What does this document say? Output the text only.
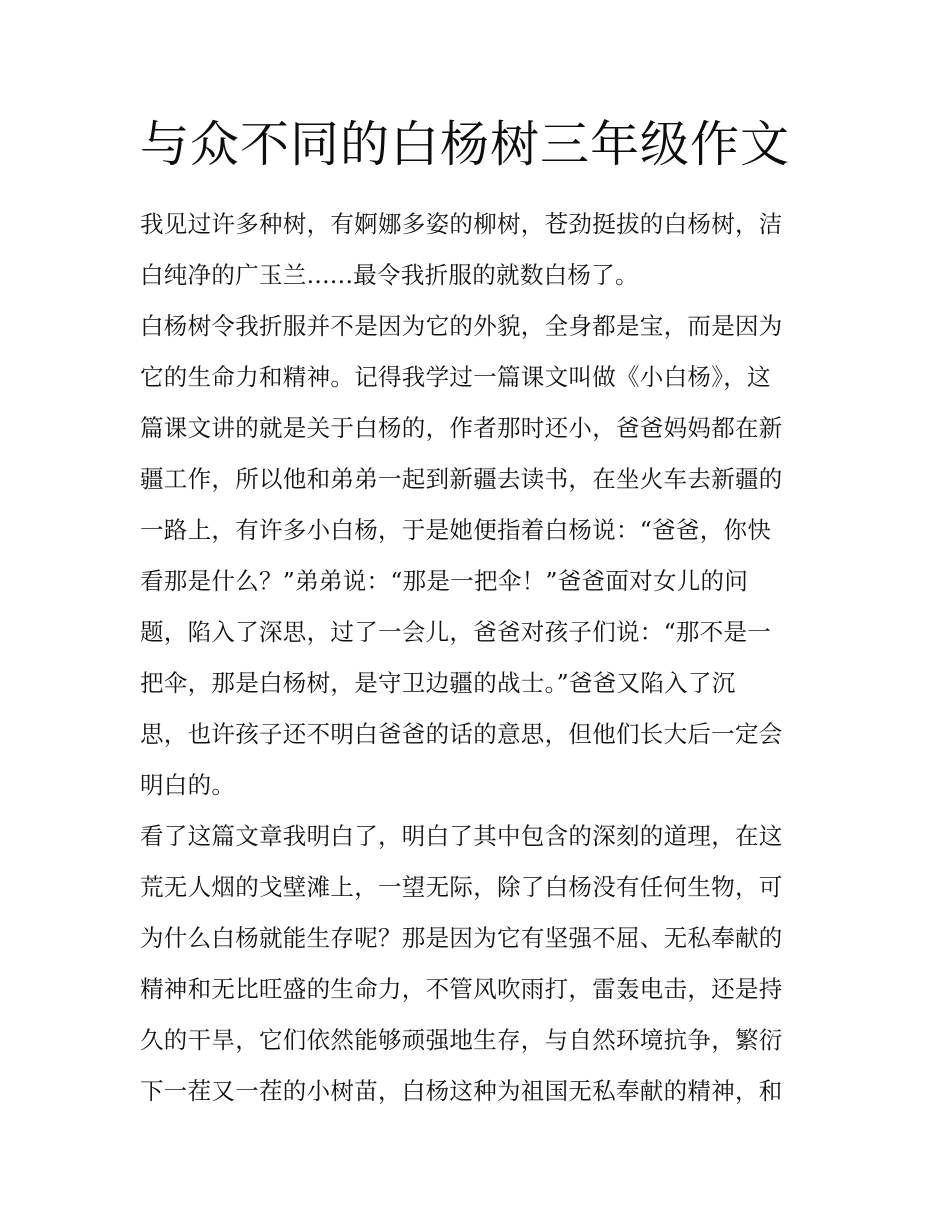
与众不同的白杨树三年级作文
我见过许多种树，有婀娜多姿的柳树，苍劲挺拔的白杨树，洁
白纯净的广玉兰......最令我折服的就数白杨了。
白杨树令我折服并不是因为它的外貌，全身都是宝，而是因为
它的生命力和精神。记得我学过一篇课文叫做《小白杨》，这
篇课文讲的就是关于白杨的，作者那时还小，爸爸妈妈都在新
疆工作，所以他和弟弟一起到新疆去读书，在坐火车去新疆的
一路上，有许多小白杨，于是她便指着白杨说：“爸爸，你快
看那是什么？”弟弟说：“那是一把伞！”爸爸面对女儿的问
题，陷入了深思，过了一会儿，爸爸对孩子们说：“那不是一
把伞，那是白杨树，是守卫边疆的战士。”爸爸又陷入了沉
思，也许孩子还不明白爸爸的话的意思，但他们长大后一定会
明白的。
看了这篇文章我明白了，明白了其中包含的深刻的道理，在这
荒无人烟的戈壁滩上，一望无际，除了白杨没有任何生物，可
为什么白杨就能生存呢？那是因为它有坚强不屈、无私奉献的
精神和无比旺盛的生命力，不管风吹雨打，雷轰电击，还是持
久的干旱，它们依然能够顽强地生存，与自然环境抗争，繁衍
下一茬又一茬的小树苗，白杨这种为祖国无私奉献的精神，和
